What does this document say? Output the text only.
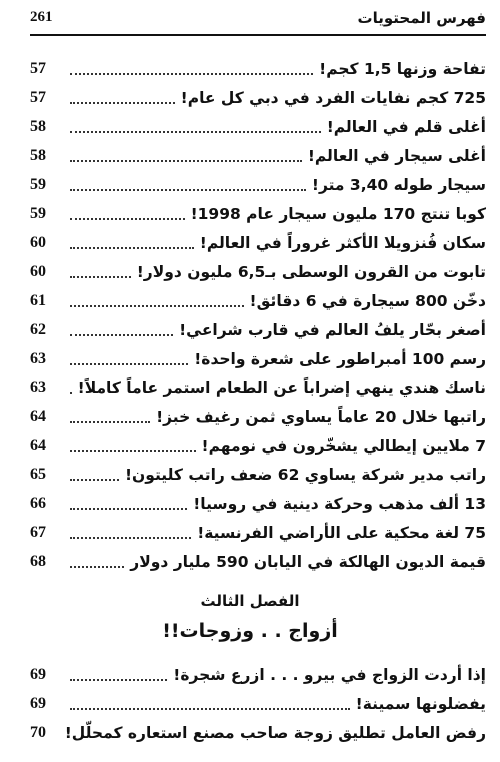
فهرس المحتويات
261
تفاحة وزنها 1,5 كجم!
57
725 كجم نفايات الفرد في دبي كل عام!
57
أغلى قلم في العالم!
58
أغلى سيجار في العالم!
58
سيجار طوله 3,40 متر!
59
كوبا تنتج 170 مليون سيجار عام 1998!
59
سكان فُنزويلا الأكثر غروراً في العالم!
60
تابوت من القرون الوسطى بـ6,5 مليون دولار!
60
دخّن 800 سيجارة في 6 دقائق!
61
أصغر بحّار يلفُ العالم في قارب شراعي!
62
رسم 100 أمبراطور على شعرة واحدة!
63
ناسك هندي ينهي إضراباً عن الطعام استمر عاماً كاملاً!
63
راتبها خلال 20 عاماً يساوي ثمن رغيف خبز!
64
7 ملايين إيطالي يشخّرون في نومهم!
64
راتب مدير شركة يساوي 62 ضعف راتب كليتون!
65
13 ألف مذهب وحركة دينية في روسيا!
66
75 لغة محكية على الأراضي الفرنسية!
67
قيمة الديون الهالكة في اليابان 590 مليار دولار
68
إذا أردت الزواج في بيرو . . . ازرع شجرة!
69
يفضلونها سمينة!
69
رفض العامل تطليق زوجة صاحب مصنع استعاره كمحلّل!
70
الفصل الثالث
أزواج . . وزوجات!!
